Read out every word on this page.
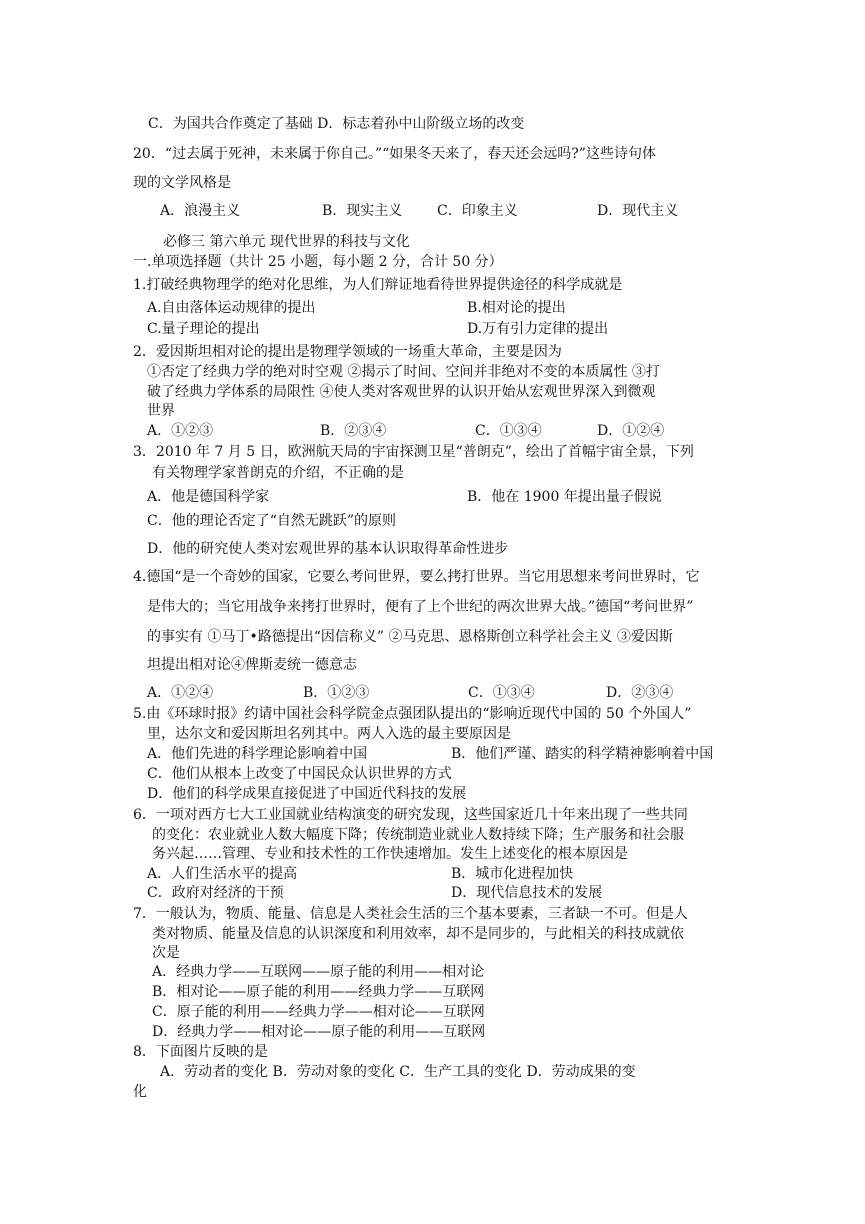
C．为国共合作奠定了基础 D．标志着孙中山阶级立场的改变
20．“过去属于死神，未来属于你自己。”“如果冬天来了，春天还会远吗?”这些诗句体
现的文学风格是
A．浪漫主义	B．现实主义 C．印象主义	D．现代主义
必修三 第六单元 现代世界的科技与文化
一.单项选择题（共计 25 小题，每小题 2 分，合计 50 分）
1.打破经典物理学的绝对化思维，为人们辩证地看待世界提供途径的科学成就是
A.自由落体运动规律的提出	B.相对论的提出
C.量子理论的提出	D.万有引力定律的提出
2．爱因斯坦相对论的提出是物理学领域的一场重大革命，主要是因为
①否定了经典力学的绝对时空观 ②揭示了时间、空间并非绝对不变的本质属性 ③打
破了经典力学体系的局限性 ④使人类对客观世界的认识开始从宏观世界深入到微观
世界
A．①②③	B．②③④	C．①③④	D．①②④
3．2010 年 7 月 5 日，欧洲航天局的宇宙探测卫星“普朗克”，绘出了首幅宇宙全景，下列
有关物理学家普朗克的介绍，不正确的是
A．他是德国科学家	B．他在 1900 年提出量子假说
C．他的理论否定了“自然无跳跃”的原则
D．他的研究使人类对宏观世界的基本认识取得革命性进步
4.德国“是一个奇妙的国家，它要么考问世界，要么拷打世界。当它用思想来考问世界时，它
是伟大的；当它用战争来拷打世界时，便有了上个世纪的两次世界大战。”德国“考问世界”
的事实有 ①马丁•路德提出“因信称义” ②马克思、恩格斯创立科学社会主义 ③爱因斯
坦提出相对论④俾斯麦统一德意志
A．①②④	B．①②③	C．①③④	D．②③④
5.由《环球时报》约请中国社会科学院金点强团队提出的“影响近现代中国的 50 个外国人”
里，达尔文和爱因斯坦名列其中。两人入选的最主要原因是
A．他们先进的科学理论影响着中国	B．他们严谨、踏实的科学精神影响着中国
C．他们从根本上改变了中国民众认识世界的方式
D．他们的科学成果直接促进了中国近代科技的发展
6．一项对西方七大工业国就业结构演变的研究发现，这些国家近几十年来出现了一些共同
的变化：农业就业人数大幅度下降；传统制造业就业人数持续下降；生产服务和社会服
务兴起……管理、专业和技术性的工作快速增加。发生上述变化的根本原因是
A．人们生活水平的提高	B．城市化进程加快
C．政府对经济的干预	D．现代信息技术的发展
7．一般认为，物质、能量、信息是人类社会生活的三个基本要素，三者缺一不可。但是人
类对物质、能量及信息的认识深度和利用效率，却不是同步的，与此相关的科技成就依
次是
A．经典力学——互联网——原子能的利用——相对论
B．相对论——原子能的利用——经典力学——互联网
C．原子能的利用——经典力学——相对论——互联网
D．经典力学——相对论——原子能的利用——互联网
8．下面图片反映的是
A．劳动者的变化 B．劳动对象的变化 C．生产工具的变化 D．劳动成果的变
化
